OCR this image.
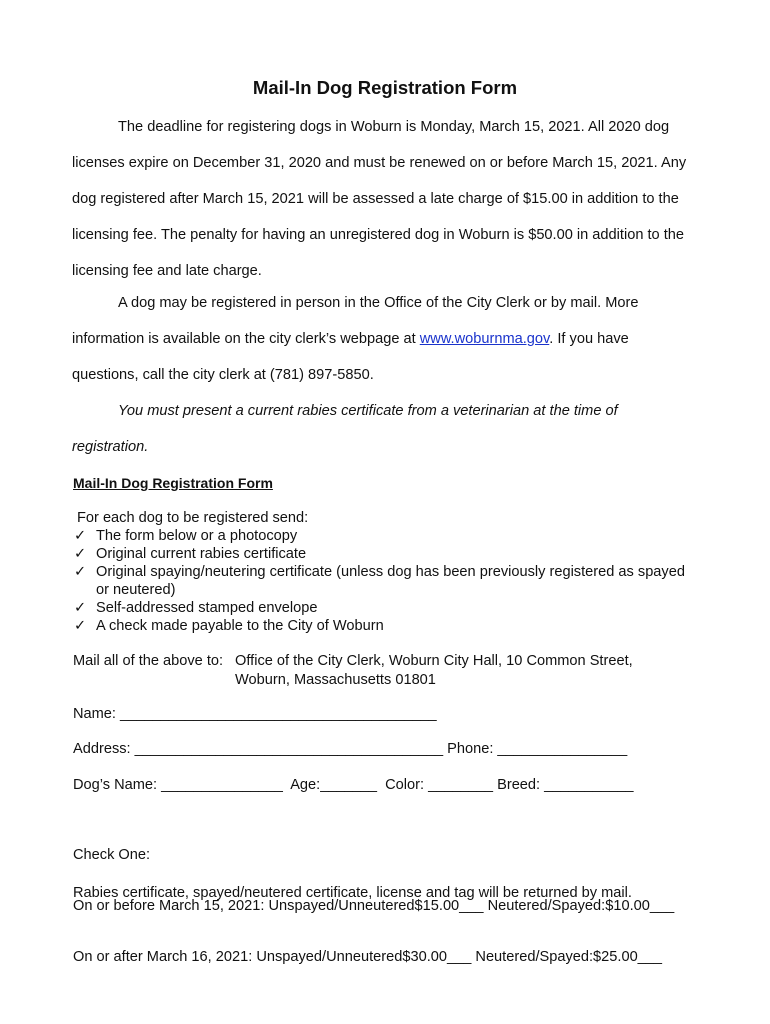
Mail-In Dog Registration Form
The deadline for registering dogs in Woburn is Monday, March 15, 2021. All 2020 dog licenses expire on December 31, 2020 and must be renewed on or before March 15, 2021. Any dog registered after March 15, 2021 will be assessed a late charge of $15.00 in addition to the licensing fee. The penalty for having an unregistered dog in Woburn is $50.00 in addition to the licensing fee and late charge.
A dog may be registered in person in the Office of the City Clerk or by mail. More information is available on the city clerk’s webpage at www.woburnma.gov. If you have questions, call the city clerk at (781) 897-5850.
You must present a current rabies certificate from a veterinarian at the time of registration.
Mail-In Dog Registration Form
For each dog to be registered send:
✓ The form below or a photocopy
✓ Original current rabies certificate
✓ Original spaying/neutering certificate (unless dog has been previously registered as spayed or neutered)
✓ Self-addressed stamped envelope
✓ A check made payable to the City of Woburn
Mail all of the above to: Office of the City Clerk, Woburn City Hall, 10 Common Street,
Woburn, Massachusetts 01801
Name: _______________________________________
Address: ______________________________________ Phone: ________________
Dog’s Name: _______________  Age:_______  Color: ________ Breed: ___________

Check One:

On or before March 15, 2021: Unspayed/Unneutered$15.00___ Neutered/Spayed:$10.00___

On or after March 16, 2021: Unspayed/Unneutered$30.00___ Neutered/Spayed:$25.00___

Rabies certificate, spayed/neutered certificate, license and tag will be returned by mail.
